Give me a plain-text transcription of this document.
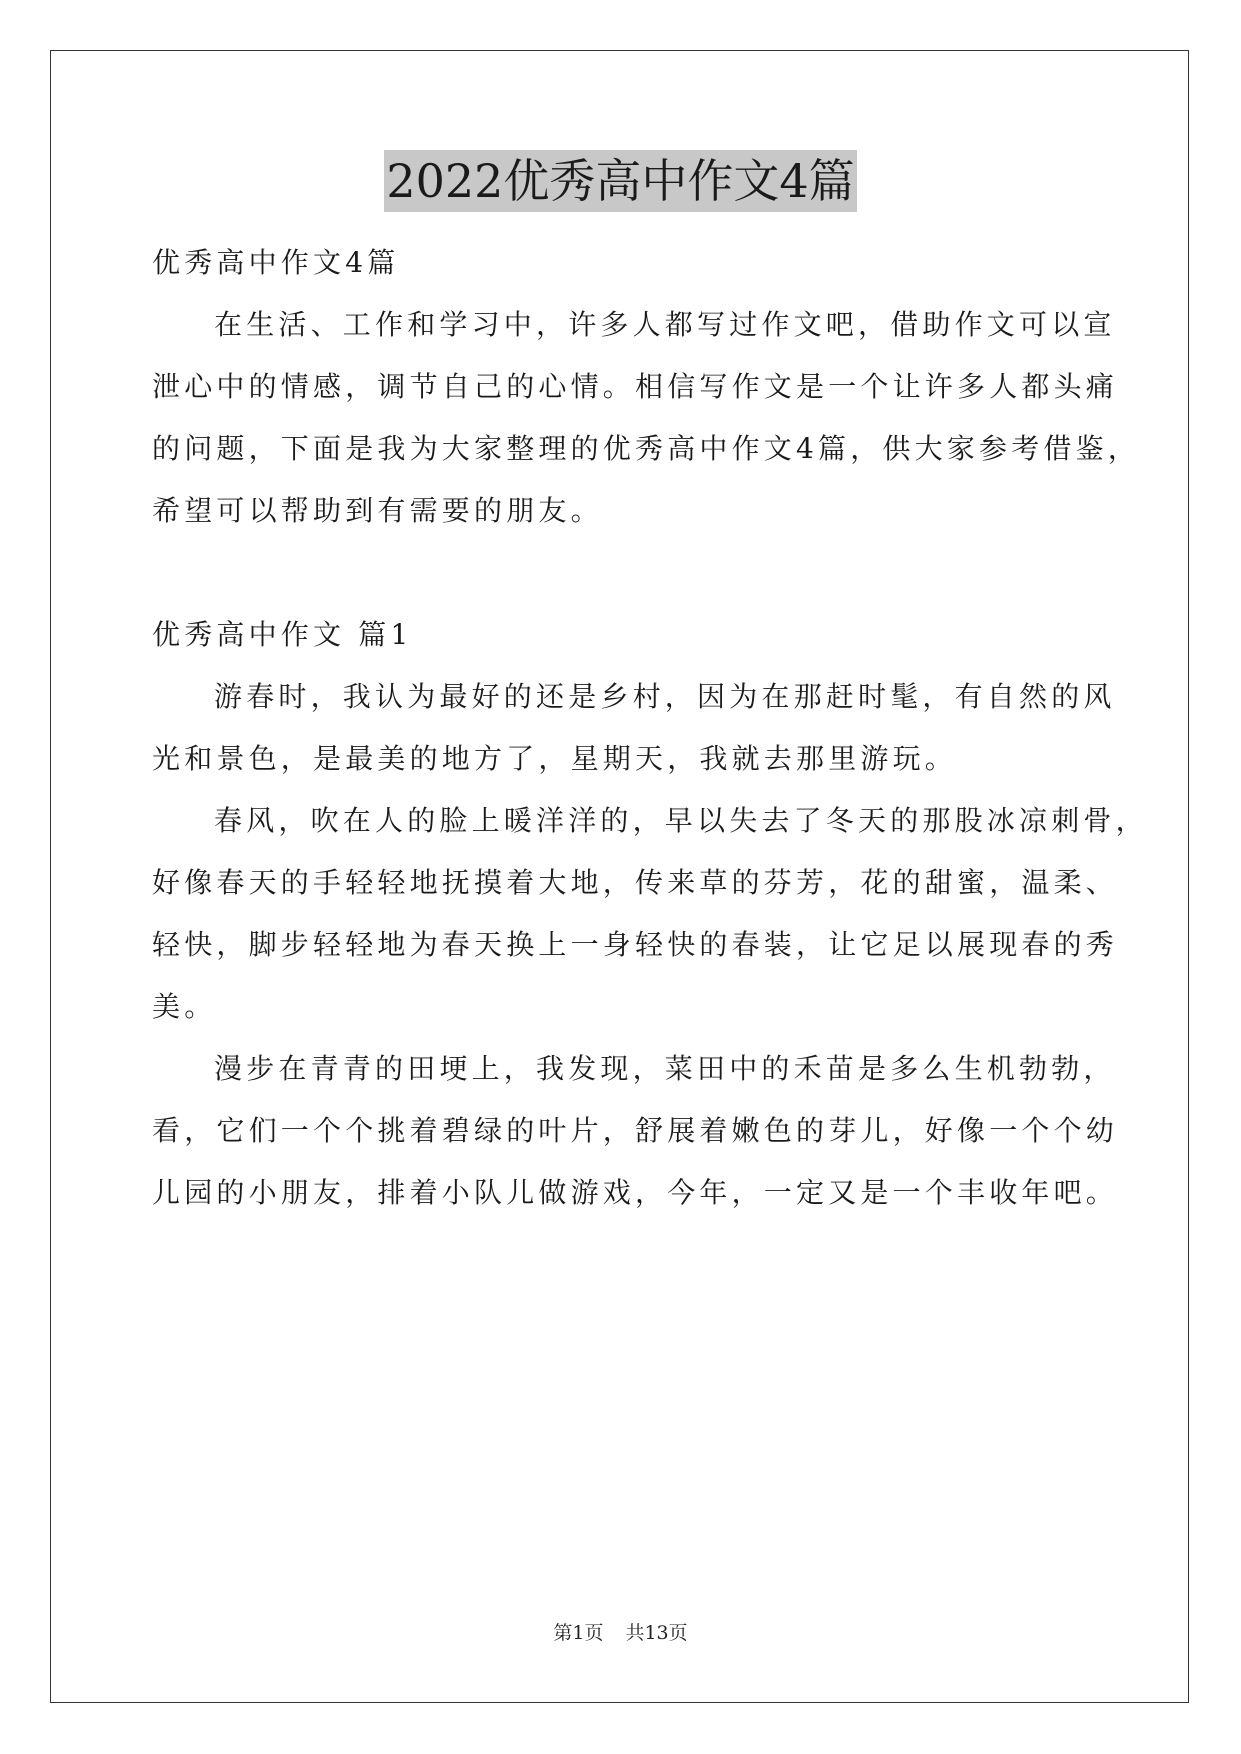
2022优秀高中作文4篇
优秀高中作文4篇
在生活、工作和学习中，许多人都写过作文吧，借助作文可以宣
泄心中的情感，调节自己的心情。相信写作文是一个让许多人都头痛
的问题，下面是我为大家整理的优秀高中作文4篇，供大家参考借鉴，
希望可以帮助到有需要的朋友。
优秀高中作文 篇1
游春时，我认为最好的还是乡村，因为在那赶时髦，有自然的风
光和景色，是最美的地方了，星期天，我就去那里游玩。
春风，吹在人的脸上暖洋洋的，早以失去了冬天的那股冰凉刺骨，
好像春天的手轻轻地抚摸着大地，传来草的芬芳，花的甜蜜，温柔、
轻快，脚步轻轻地为春天换上一身轻快的春装，让它足以展现春的秀
美。
漫步在青青的田埂上，我发现，菜田中的禾苗是多么生机勃勃，
看，它们一个个挑着碧绿的叶片，舒展着嫩色的芽儿，好像一个个幼
儿园的小朋友，排着小队儿做游戏，今年，一定又是一个丰收年吧。
第1页 共13页
